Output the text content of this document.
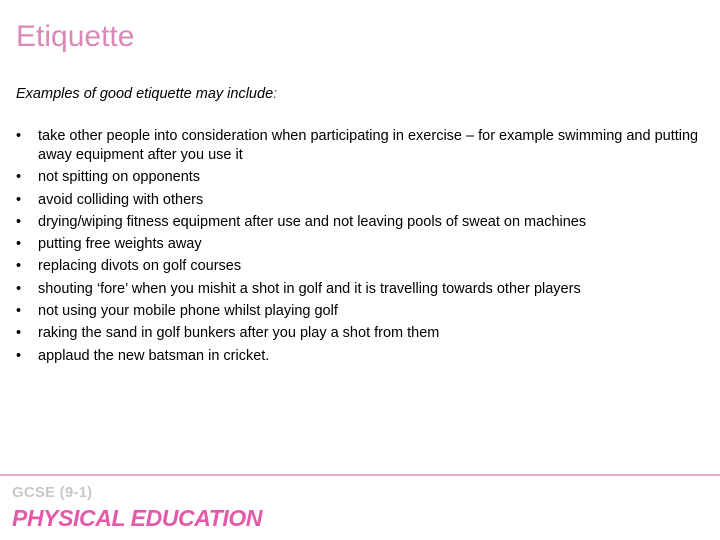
Etiquette

Examples of good etiquette may include:

•	take other people into consideration when participating in exercise – for example swimming and putting away equipment after you use it
•	not spitting on opponents
•	avoid colliding with others
•	drying/wiping fitness equipment after use and not leaving pools of sweat on machines
•	putting free weights away
•	replacing divots on golf courses
•	shouting ‘fore’ when you mishit a shot in golf and it is travelling towards other players
•	not using your mobile phone whilst playing golf
•	raking the sand in golf bunkers after you play a shot from them
•	applaud the new batsman in cricket.
GCSE (9-1)
PHYSICAL EDUCATION
